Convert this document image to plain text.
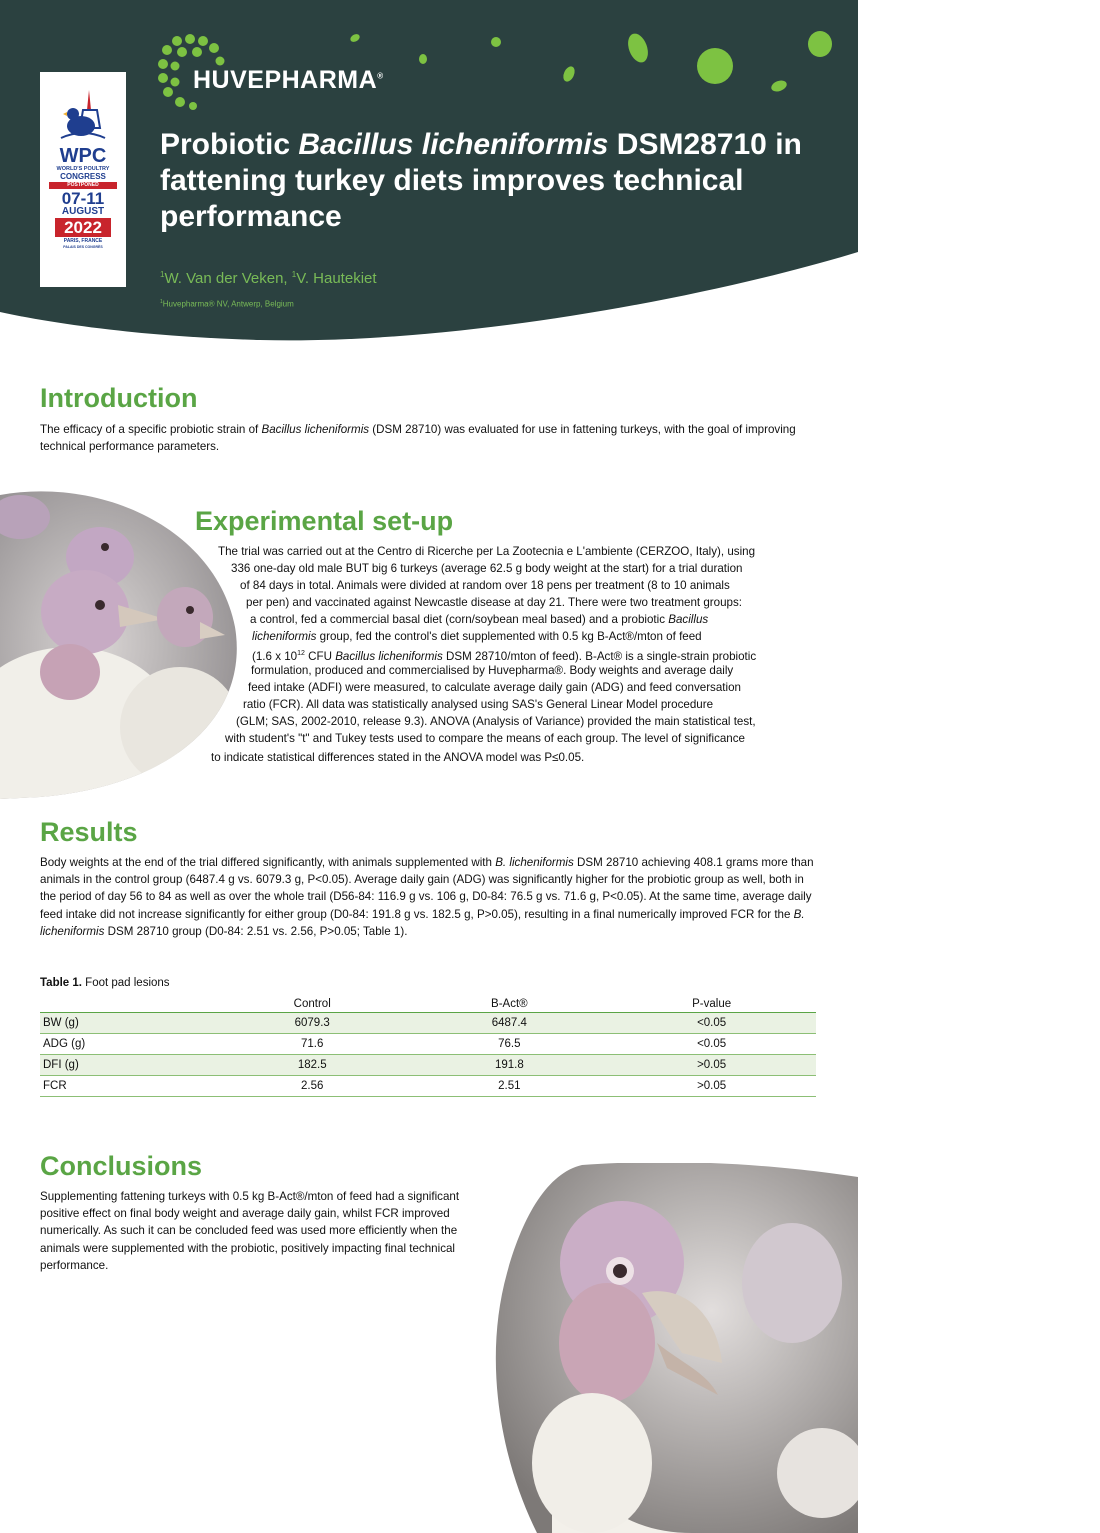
WPC
WORLD'S POULTRY
CONGRESS
POSTPONED
07-11
AUGUST
2022
PARIS, FRANCE
PALAIS DES CONGRÈS
HUVEPHARMA®
Probiotic Bacillus licheniformis DSM28710 in fattening turkey diets improves technical performance
$^1$W. Van der Veken, $^1$V. Hautekiet
$^1$Huvepharma® NV, Antwerp, Belgium
Introduction

The efficacy of a specific probiotic strain of Bacillus licheniformis (DSM 28710) was evaluated for use in fattening turkeys, with the goal of improving technical performance parameters.

Experimental set-up
The trial was carried out at the Centro di Ricerche per La Zootecnia e L'ambiente (CERZOO, Italy), using
336 one-day old male BUT big 6 turkeys (average 62.5 g body weight at the start) for a trial duration
of 84 days in total. Animals were divided at random over 18 pens per treatment (8 to 10 animals
per pen) and vaccinated against Newcastle disease at day 21. There were two treatment groups:
a control, fed a commercial basal diet (corn/soybean meal based) and a probiotic Bacillus
licheniformis group, fed the control's diet supplemented with 0.5 kg B-Act®/mton of feed
(1.6 x $10^{12}$ CFU Bacillus licheniformis DSM 28710/mton of feed). B-Act® is a single-strain probiotic
formulation, produced and commercialised by Huvepharma®. Body weights and average daily
feed intake (ADFI) were measured, to calculate average daily gain (ADG) and feed conversation
ratio (FCR). All data was statistically analysed using SAS's General Linear Model procedure
(GLM; SAS, 2002-2010, release 9.3). ANOVA (Analysis of Variance) provided the main statistical test,
with student's "t" and Tukey tests used to compare the means of each group. The level of significance
to indicate statistical differences stated in the ANOVA model was P≤0.05.
Results

Body weights at the end of the trial differed significantly, with animals supplemented with B. licheniformis DSM 28710 achieving 408.1 grams more than animals in the control group (6487.4 g vs. 6079.3 g, P<0.05). Average daily gain (ADG) was significantly higher for the probiotic group as well, both in the period of day 56 to 84 as well as over the whole trail (D56-84: 116.9 g vs. 106 g, D0-84: 76.5 g vs. 71.6 g, P<0.05). At the same time, average daily feed intake did not increase significantly for either group (D0-84: 191.8 g vs. 182.5 g, P>0.05), resulting in a final numerically improved FCR for the B. licheniformis DSM 28710 group (D0-84: 2.51 vs. 2.56, P>0.05; Table 1).

Table 1. Foot pad lesions
	Control	B-Act®	P-value
BW (g)	6079.3	6487.4	<0.05
ADG (g)	71.6	76.5	<0.05
DFI (g)	182.5	191.8	>0.05
FCR	2.56	2.51	>0.05
Conclusions

Supplementing fattening turkeys with 0.5 kg B-Act®/mton of feed had a significant positive effect on final body weight and average daily gain, whilst FCR improved numerically. As such it can be concluded feed was used more efficiently when the animals were supplemented with the probiotic, positively impacting final technical performance.
